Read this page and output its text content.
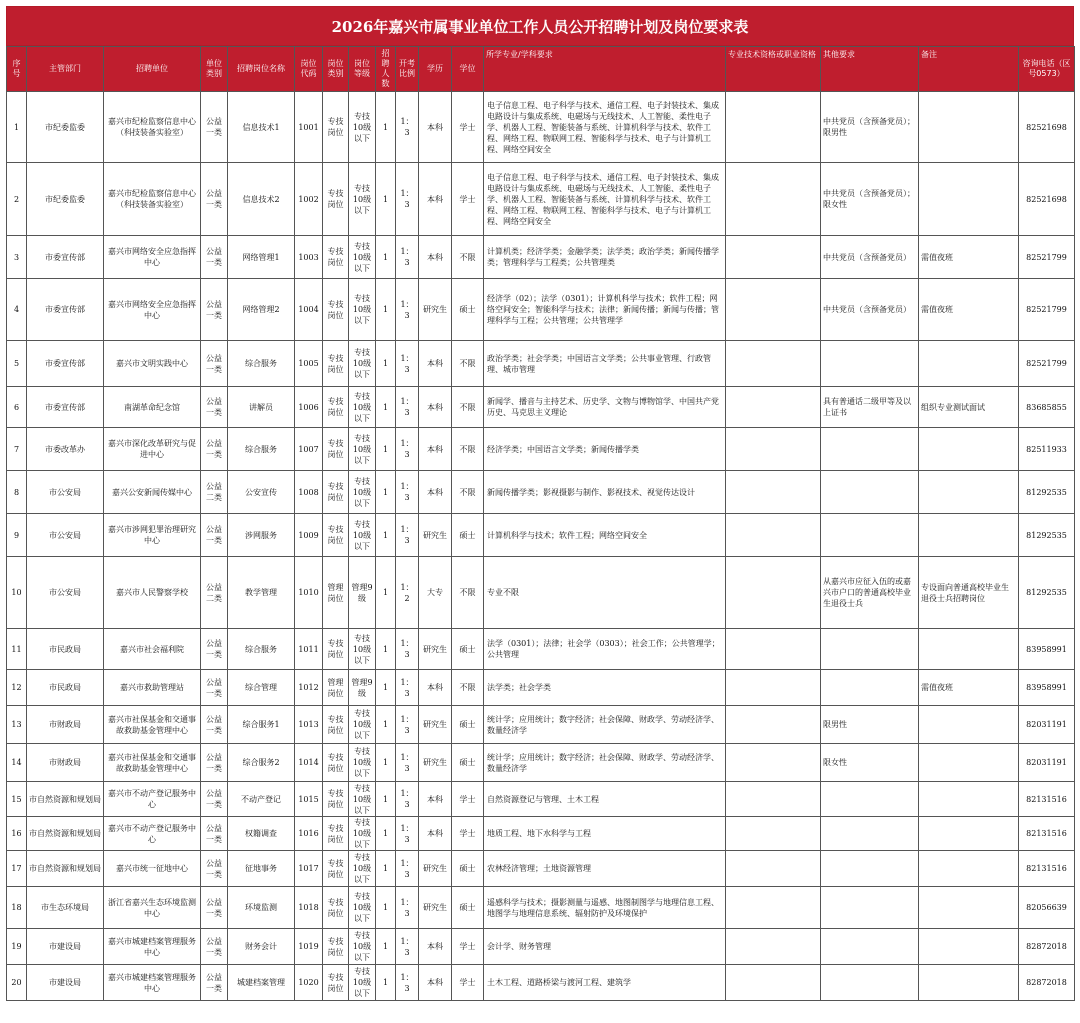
2026年嘉兴市属事业单位工作人员公开招聘计划及岗位要求表
序号	主管部门	招聘单位	单位类别	招聘岗位名称	岗位代码	岗位类别	岗位等级	招聘人数	开考比例	学历	学位	所学专业/学科要求	专业技术资格或职业资格	其他要求	备注	咨询电话（区号0573）
1	市纪委监委	嘉兴市纪检监察信息中心（科技装备实验室）	公益一类	信息技术1	1001	专技岗位	专技10级以下	1	1：3	本科	学士	电子信息工程、电子科学与技术、通信工程、电子封装技术、集成电路设计与集成系统、电磁场与无线技术、人工智能、柔性电子学、机器人工程、智能装备与系统、计算机科学与技术、软件工程、网络工程、物联网工程、智能科学与技术、电子与计算机工程、网络空间安全		中共党员（含预备党员）；限男性		82521698
2	市纪委监委	嘉兴市纪检监察信息中心（科技装备实验室）	公益一类	信息技术2	1002	专技岗位	专技10级以下	1	1：3	本科	学士	电子信息工程、电子科学与技术、通信工程、电子封装技术、集成电路设计与集成系统、电磁场与无线技术、人工智能、柔性电子学、机器人工程、智能装备与系统、计算机科学与技术、软件工程、网络工程、物联网工程、智能科学与技术、电子与计算机工程、网络空间安全		中共党员（含预备党员）；限女性		82521698
3	市委宣传部	嘉兴市网络安全应急指挥中心	公益一类	网络管理1	1003	专技岗位	专技10级以下	1	1：3	本科	不限	计算机类；经济学类；金融学类；法学类；政治学类；新闻传播学类；管理科学与工程类；公共管理类		中共党员（含预备党员）	需值夜班	82521799
4	市委宣传部	嘉兴市网络安全应急指挥中心	公益一类	网络管理2	1004	专技岗位	专技10级以下	1	1：3	研究生	硕士	经济学（02）；法学（0301）；计算机科学与技术；软件工程；网络空间安全；智能科学与技术；法律；新闻传播；新闻与传播；管理科学与工程；公共管理；公共管理学		中共党员（含预备党员）	需值夜班	82521799
5	市委宣传部	嘉兴市文明实践中心	公益一类	综合服务	1005	专技岗位	专技10级以下	1	1：3	本科	不限	政治学类；社会学类；中国语言文学类；公共事业管理、行政管理、城市管理				82521799
6	市委宣传部	南湖革命纪念馆	公益一类	讲解员	1006	专技岗位	专技10级以下	1	1：3	本科	不限	新闻学、播音与主持艺术、历史学、文物与博物馆学、中国共产党历史、马克思主义理论		具有普通话二级甲等及以上证书	组织专业测试面试	83685855
7	市委改革办	嘉兴市深化改革研究与促进中心	公益一类	综合服务	1007	专技岗位	专技10级以下	1	1：3	本科	不限	经济学类；中国语言文学类；新闻传播学类				82511933
8	市公安局	嘉兴公安新闻传媒中心	公益二类	公安宣传	1008	专技岗位	专技10级以下	1	1：3	本科	不限	新闻传播学类；影视摄影与制作、影视技术、视觉传达设计				81292535
9	市公安局	嘉兴市涉网犯罪治理研究中心	公益一类	涉网服务	1009	专技岗位	专技10级以下	1	1：3	研究生	硕士	计算机科学与技术；软件工程；网络空间安全				81292535
10	市公安局	嘉兴市人民警察学校	公益二类	教学管理	1010	管理岗位	管理9级	1	1：2	大专	不限	专业不限		从嘉兴市应征入伍的或嘉兴市户口的普通高校毕业生退役士兵	专设面向普通高校毕业生退役士兵招聘岗位	81292535
11	市民政局	嘉兴市社会福利院	公益一类	综合服务	1011	专技岗位	专技10级以下	1	1：3	研究生	硕士	法学（0301）；法律；社会学（0303）；社会工作；公共管理学；公共管理				83958991
12	市民政局	嘉兴市救助管理站	公益一类	综合管理	1012	管理岗位	管理9级	1	1：3	本科	不限	法学类；社会学类			需值夜班	83958991
13	市财政局	嘉兴市社保基金和交通事故救助基金管理中心	公益一类	综合服务1	1013	专技岗位	专技10级以下	1	1：3	研究生	硕士	统计学；应用统计；数字经济；社会保障、财政学、劳动经济学、数量经济学		限男性		82031191
14	市财政局	嘉兴市社保基金和交通事故救助基金管理中心	公益一类	综合服务2	1014	专技岗位	专技10级以下	1	1：3	研究生	硕士	统计学；应用统计；数字经济；社会保障、财政学、劳动经济学、数量经济学		限女性		82031191
15	市自然资源和规划局	嘉兴市不动产登记服务中心	公益一类	不动产登记	1015	专技岗位	专技10级以下	1	1：3	本科	学士	自然资源登记与管理、土木工程				82131516
16	市自然资源和规划局	嘉兴市不动产登记服务中心	公益一类	权籍调查	1016	专技岗位	专技10级以下	1	1：3	本科	学士	地质工程、地下水科学与工程				82131516
17	市自然资源和规划局	嘉兴市统一征地中心	公益一类	征地事务	1017	专技岗位	专技10级以下	1	1：3	研究生	硕士	农林经济管理；土地资源管理				82131516
18	市生态环境局	浙江省嘉兴生态环境监测中心	公益一类	环境监测	1018	专技岗位	专技10级以下	1	1：3	研究生	硕士	遥感科学与技术；摄影测量与遥感、地图制图学与地理信息工程、地图学与地理信息系统、辐射防护及环境保护				82056639
19	市建设局	嘉兴市城建档案管理服务中心	公益一类	财务会计	1019	专技岗位	专技10级以下	1	1：3	本科	学士	会计学、财务管理				82872018
20	市建设局	嘉兴市城建档案管理服务中心	公益一类	城建档案管理	1020	专技岗位	专技10级以下	1	1：3	本科	学士	土木工程、道路桥梁与渡河工程、建筑学				82872018
